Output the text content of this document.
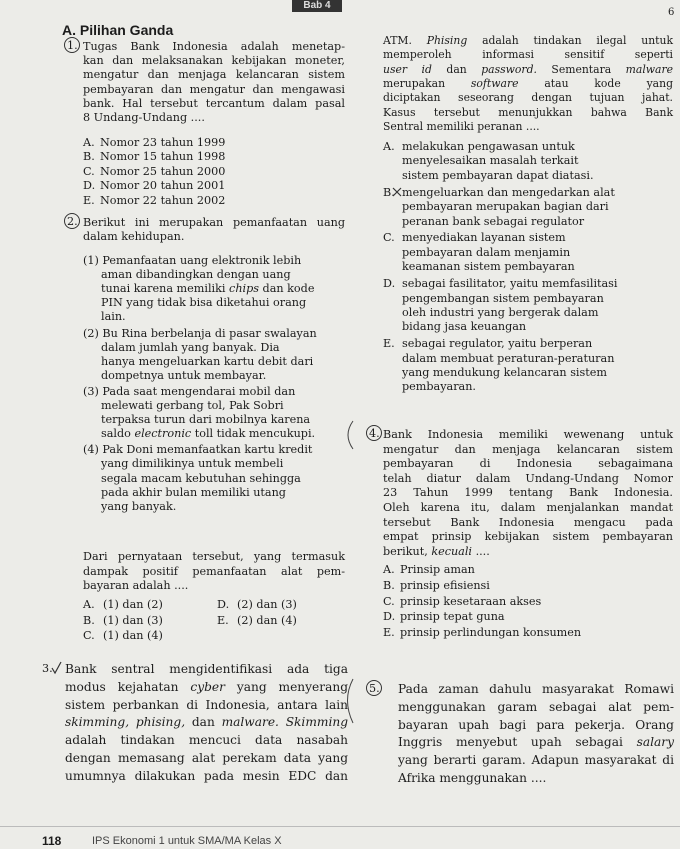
Bab 4
6
A. Pilihan Ganda
1. Tugas Bank Indonesia adalah menetap-
kan dan melaksanakan kebijakan moneter,
mengatur dan menjaga kelancaran sistem
pembayaran dan mengatur dan mengawasi
bank. Hal tersebut tercantum dalam pasal
8 Undang-Undang ....
A. Nomor 23 tahun 1999
B. Nomor 15 tahun 1998
C. Nomor 25 tahun 2000
D. Nomor 20 tahun 2001
E. Nomor 22 tahun 2002
2. Berikut ini merupakan pemanfaatan uang
dalam kehidupan.
(1) Pemanfaatan uang elektronik lebih
aman dibandingkan dengan uang
tunai karena memiliki chips dan kode
PIN yang tidak bisa diketahui orang
lain.
(2) Bu Rina berbelanja di pasar swalayan
dalam jumlah yang banyak. Dia
hanya mengeluarkan kartu debit dari
dompetnya untuk membayar.
(3) Pada saat mengendarai mobil dan
melewati gerbang tol, Pak Sobri
terpaksa turun dari mobilnya karena
saldo electronic toll tidak mencukupi.
(4) Pak Doni memanfaatkan kartu kredit
yang dimilikinya untuk membeli
segala macam kebutuhan sehingga
pada akhir bulan memiliki utang
yang banyak.
Dari pernyataan tersebut, yang termasuk
dampak positif pemanfaatan alat pem-
bayaran adalah ....
A. (1) dan (2)
B. (1) dan (3)
C. (1) dan (4)
D. (2) dan (3)
E. (2) dan (4)
3. Bank sentral mengidentifikasi ada tiga
modus kejahatan cyber yang menyerang
sistem perbankan di Indonesia, antara lain
skimming, phising, dan malware. Skimming
adalah tindakan mencuci data nasabah
dengan memasang alat perekam data yang
umumnya dilakukan pada mesin EDC dan
ATM. Phising adalah tindakan ilegal untuk
memperoleh informasi sensitif seperti
user id dan password. Sementara malware
merupakan software atau kode yang
diciptakan seseorang dengan tujuan jahat.
Kasus tersebut menunjukkan bahwa Bank
Sentral memiliki peranan ....
A. melakukan pengawasan untuk
menyelesaikan masalah terkait
sistem pembayaran dapat diatasi.
B. mengeluarkan dan mengedarkan alat
pembayaran merupakan bagian dari
peranan bank sebagai regulator
C. menyediakan layanan sistem
pembayaran dalam menjamin
keamanan sistem pembayaran
D. sebagai fasilitator, yaitu memfasilitasi
pengembangan sistem pembayaran
oleh industri yang bergerak dalam
bidang jasa keuangan
E. sebagai regulator, yaitu berperan
dalam membuat peraturan-peraturan
yang mendukung kelancaran sistem
pembayaran.
4. Bank Indonesia memiliki wewenang untuk
mengatur dan menjaga kelancaran sistem
pembayaran di Indonesia sebagaimana
telah diatur dalam Undang-Undang Nomor
23 Tahun 1999 tentang Bank Indonesia.
Oleh karena itu, dalam menjalankan mandat
tersebut Bank Indonesia mengacu pada
empat prinsip kebijakan sistem pembayaran
berikut, kecuali ....
A. Prinsip aman
B. prinsip efisiensi
C. prinsip kesetaraan akses
D. prinsip tepat guna
E. prinsip perlindungan konsumen
5. Pada zaman dahulu masyarakat Romawi
menggunakan garam sebagai alat pem-
bayaran upah bagi para pekerja. Orang
Inggris menyebut upah sebagai salary
yang berarti garam. Adapun masyarakat di
Afrika menggunakan ....
118	IPS Ekonomi 1 untuk SMA/MA Kelas X
